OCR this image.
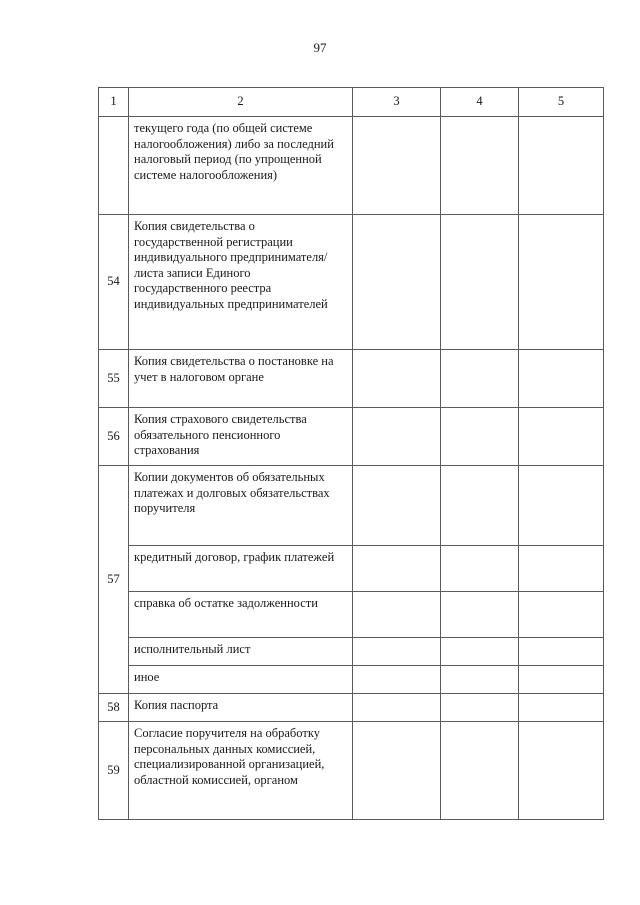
97
1	2	3	4	5
	текущего года (по общей системе налогообложения) либо за последний налоговый период (по упрощенной системе налогообложения)			
54	Копия свидетельства о государственной регистрации индивидуального предпринимателя/листа записи Единого государственного реестра индивидуальных предпринимателей			
55	Копия свидетельства о постановке на учет в налоговом органе			
56	Копия страхового свидетельства обязательного пенсионного страхования			
57	Копии документов об обязательных платежах и долговых обязательствах поручителя			
	кредитный договор, график платежей			
	справка об остатке задолженности			
	исполнительный лист			
	иное			
58	Копия паспорта			
59	Согласие поручителя на обработку персональных данных комиссией, специализированной организацией, областной комиссией, органом			
